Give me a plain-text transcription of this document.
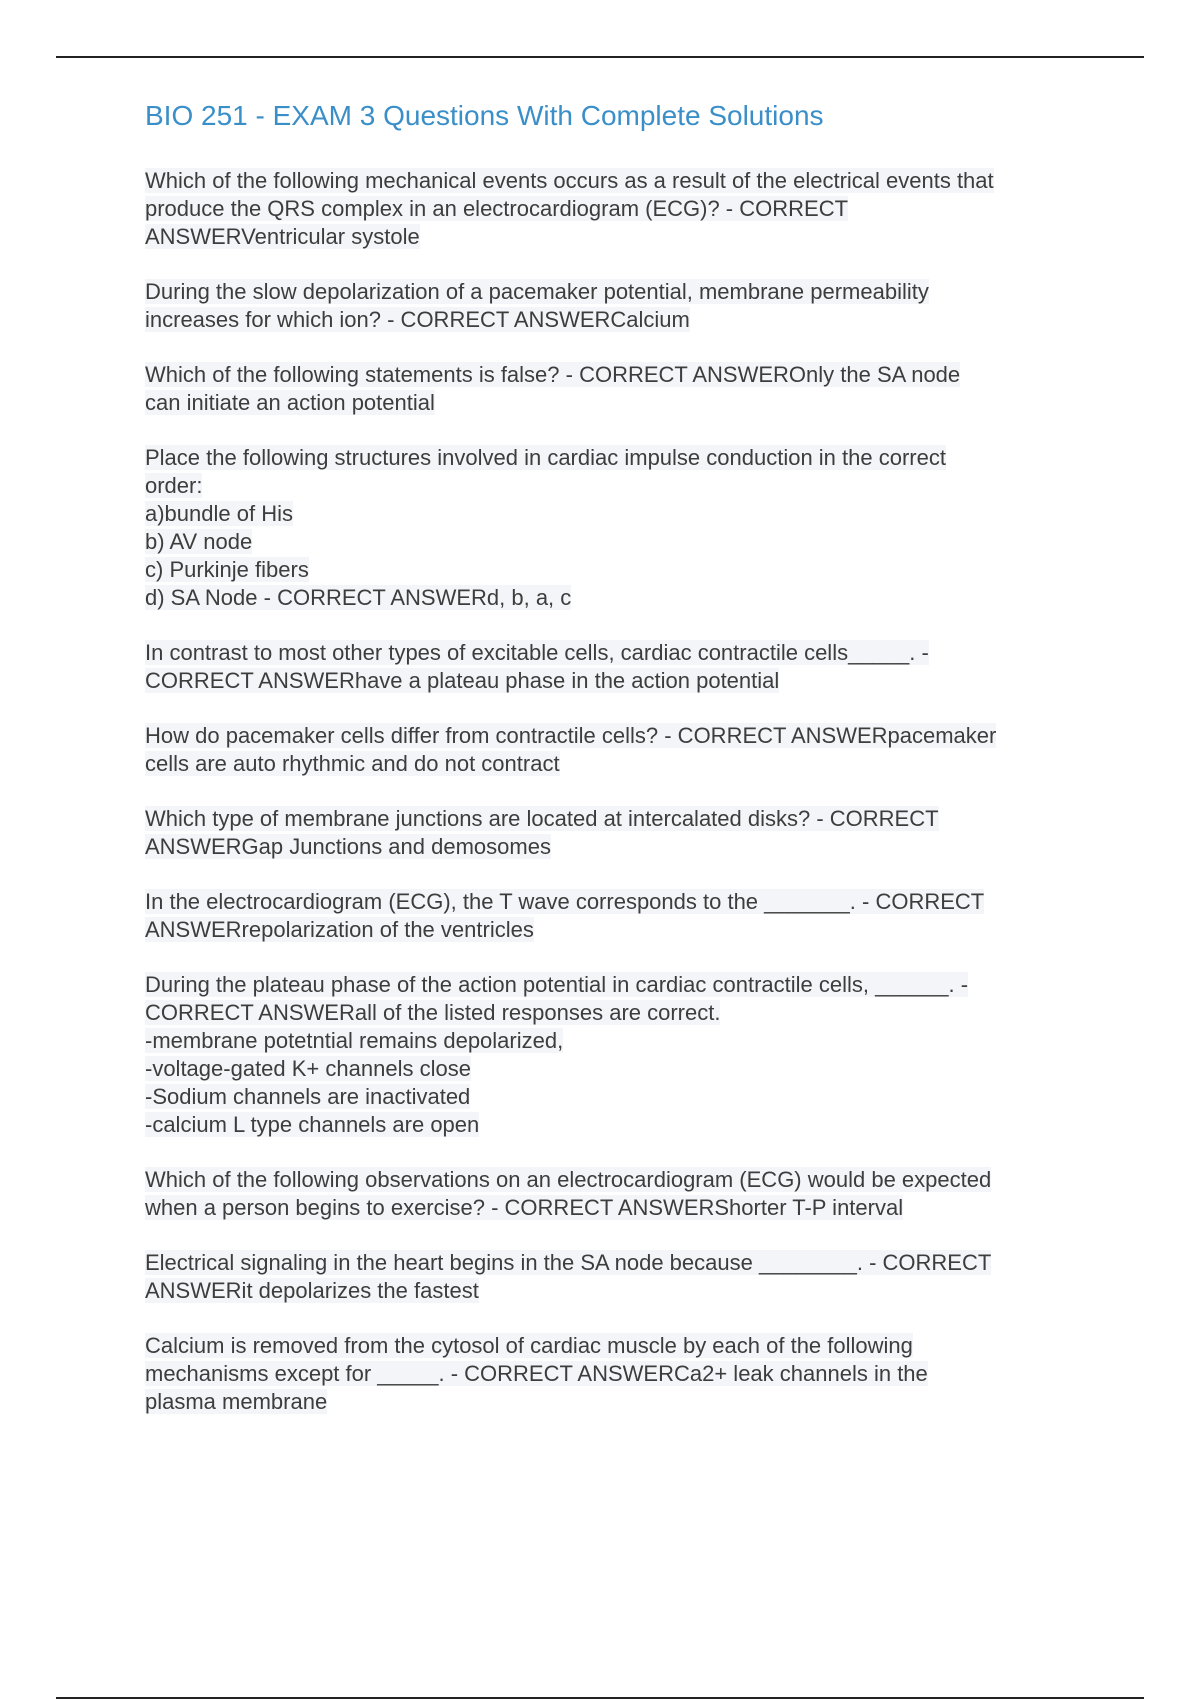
BIO 251 - EXAM 3 Questions With Complete Solutions
Which of the following mechanical events occurs as a result of the electrical events that
produce the QRS complex in an electrocardiogram (ECG)? - CORRECT
ANSWERVentricular systole
During the slow depolarization of a pacemaker potential, membrane permeability
increases for which ion? - CORRECT ANSWERCalcium
Which of the following statements is false? - CORRECT ANSWEROnly the SA node
can initiate an action potential
Place the following structures involved in cardiac impulse conduction in the correct
order:
a)bundle of His
b) AV node
c) Purkinje fibers
d) SA Node - CORRECT ANSWERd, b, a, c
In contrast to most other types of excitable cells, cardiac contractile cells_____. -
CORRECT ANSWERhave a plateau phase in the action potential
How do pacemaker cells differ from contractile cells? - CORRECT ANSWERpacemaker
cells are auto rhythmic and do not contract
Which type of membrane junctions are located at intercalated disks? - CORRECT
ANSWERGap Junctions and demosomes
In the electrocardiogram (ECG), the T wave corresponds to the _______. - CORRECT
ANSWERrepolarization of the ventricles
During the plateau phase of the action potential in cardiac contractile cells, ______. -
CORRECT ANSWERall of the listed responses are correct.
-membrane potetntial remains depolarized,
-voltage-gated K+ channels close
-Sodium channels are inactivated
-calcium L type channels are open
Which of the following observations on an electrocardiogram (ECG) would be expected
when a person begins to exercise? - CORRECT ANSWERShorter T-P interval
Electrical signaling in the heart begins in the SA node because ________. - CORRECT
ANSWERit depolarizes the fastest
Calcium is removed from the cytosol of cardiac muscle by each of the following
mechanisms except for _____. - CORRECT ANSWERCa2+ leak channels in the
plasma membrane
